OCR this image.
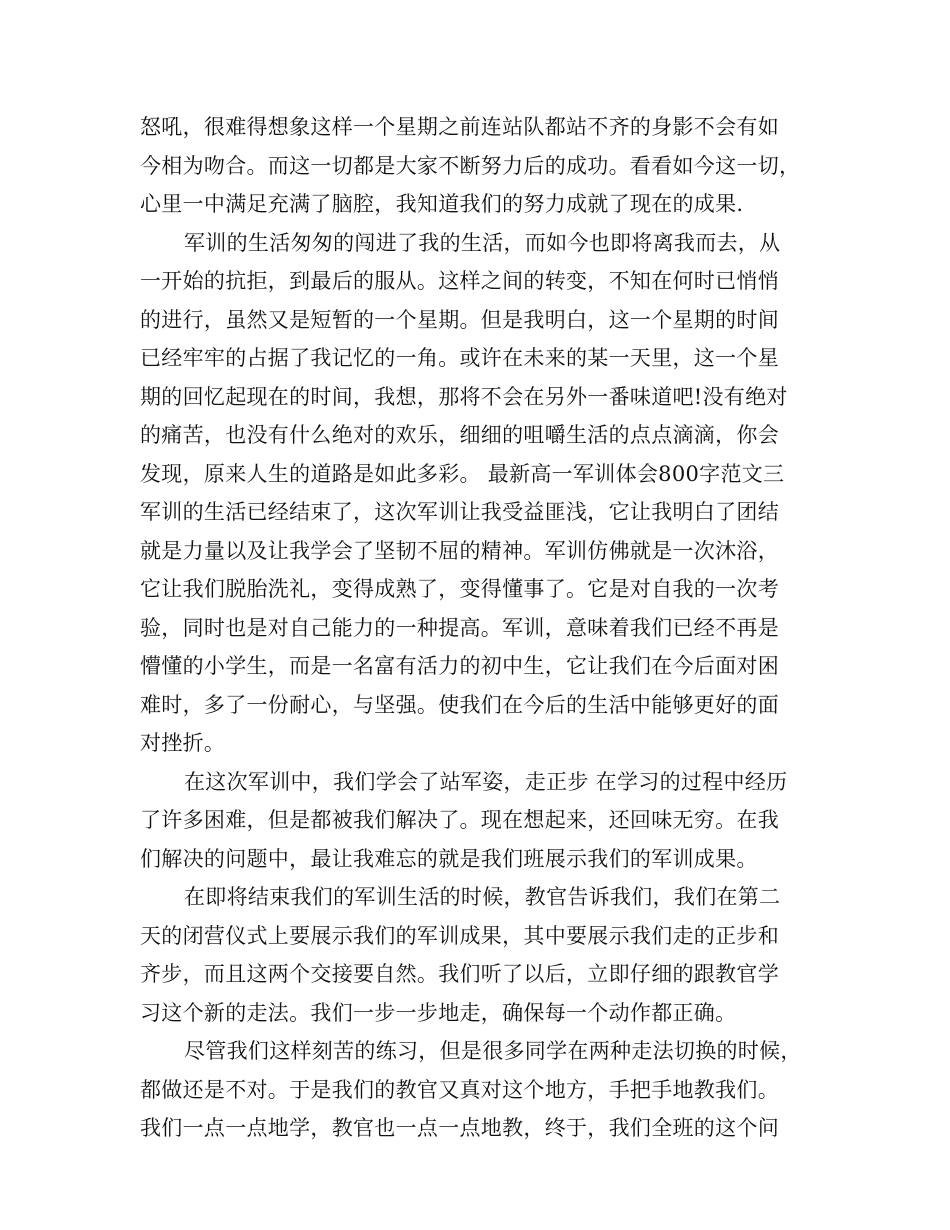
怒吼，很难得想象这样一个星期之前连站队都站不齐的身影不会有如
今相为吻合。而这一切都是大家不断努力后的成功。看看如今这一切，
心里一中满足充满了脑腔，我知道我们的努力成就了现在的成果.
军训的生活匆匆的闯进了我的生活，而如今也即将离我而去，从
一开始的抗拒，到最后的服从。这样之间的转变，不知在何时已悄悄
的进行，虽然又是短暂的一个星期。但是我明白，这一个星期的时间
已经牢牢的占据了我记忆的一角。或许在未来的某一天里，这一个星
期的回忆起现在的时间，我想，那将不会在另外一番味道吧!没有绝对
的痛苦，也没有什么绝对的欢乐，细细的咀嚼生活的点点滴滴，你会
发现，原来人生的道路是如此多彩。 最新高一军训体会800字范文三
军训的生活已经结束了，这次军训让我受益匪浅，它让我明白了团结
就是力量以及让我学会了坚韧不屈的精神。军训仿佛就是一次沐浴，
它让我们脱胎洗礼，变得成熟了，变得懂事了。它是对自我的一次考
验，同时也是对自己能力的一种提高。军训，意味着我们已经不再是
懵懂的小学生，而是一名富有活力的初中生，它让我们在今后面对困
难时，多了一份耐心，与坚强。使我们在今后的生活中能够更好的面
对挫折。
在这次军训中，我们学会了站军姿，走正步 在学习的过程中经历
了许多困难，但是都被我们解决了。现在想起来，还回味无穷。在我
们解决的问题中，最让我难忘的就是我们班展示我们的军训成果。
在即将结束我们的军训生活的时候，教官告诉我们，我们在第二
天的闭营仪式上要展示我们的军训成果，其中要展示我们走的正步和
齐步，而且这两个交接要自然。我们听了以后，立即仔细的跟教官学
习这个新的走法。我们一步一步地走，确保每一个动作都正确。
尽管我们这样刻苦的练习，但是很多同学在两种走法切换的时候，
都做还是不对。于是我们的教官又真对这个地方，手把手地教我们。
我们一点一点地学，教官也一点一点地教，终于，我们全班的这个问
